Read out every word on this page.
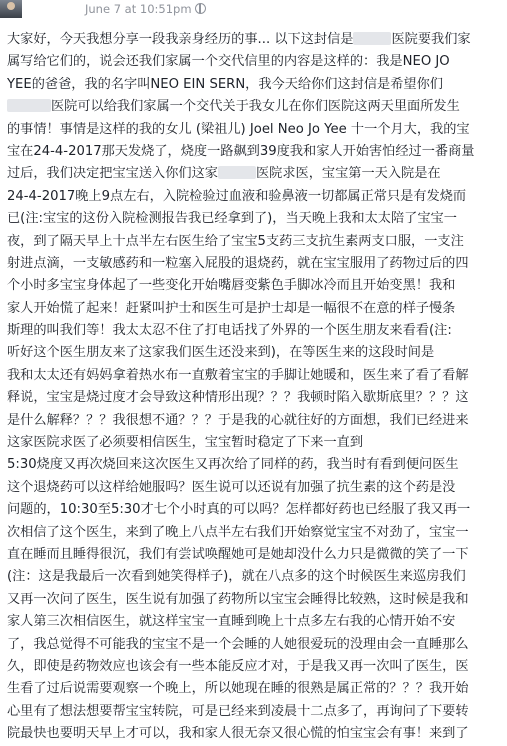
June 7 at 10:51pm
大家好，今天我想分享一段我亲身经历的事... 以下这封信是	医院要我们家
属写给它们的，说会还我们家属一个交代信里的内容是这样的：我是NEO JO
YEE的爸爸，我的名字叫NEO EIN SERN，我今天给你们这封信是希望你们
医院可以给我们家属一个交代关于我女儿在你们医院这两天里面所发生
的事情！事情是这样的我的女儿 (梁祖儿) Joel Neo Jo Yee 十一个月大，我的宝
宝在24-4-2017那天发烧了，烧度一路飙到39度我和家人开始害怕经过一番商量
过后，我们决定把宝宝送入你们这家	医院求医，宝宝第一天入院是在
24-4-2017晚上9点左右，入院检验过血液和验鼻液一切都属正常只是有发烧而
已(注:宝宝的这份入院检测报告我已经拿到了)，当天晚上我和太太陪了宝宝一
夜，到了隔天早上十点半左右医生给了宝宝5支药三支抗生素两支口服，一支注
射进点滴，一支敏感药和一粒塞入屁股的退烧药，就在宝宝服用了药物过后的四
个小时多宝宝身体起了一些变化开始嘴唇变紫色手脚冰冷而且开始变黑！我和
家人开始慌了起来！赶紧叫护士和医生可是护士却是一幅很不在意的样子慢条
斯理的叫我们等！我太太忍不住了打电话找了外界的一个医生朋友来看看(注:
听好这个医生朋友来了这家我们医生还没来到)，在等医生来的这段时间是
我和太太还有妈妈拿着热水布一直敷着宝宝的手脚让她暖和，医生来了看了看解
释说，宝宝是烧过度才会导致这种情形出现？？？我顿时陷入歇斯底里？？？这
是什么解释？？？我很想不通？？？于是我的心就往好的方面想，我们已经进来
这家医院求医了必须要相信医生，宝宝暂时稳定了下来一直到
5:30烧度又再次烧回来这次医生又再次给了同样的药，我当时有看到便问医生
这个退烧药可以这样给她服吗？医生说可以还说有加强了抗生素的这个药是没
问题的，10:30至5:30才七个小时真的可以吗？怎样都好药也已经服了我又再一
次相信了这个医生，来到了晚上八点半左右我们开始察觉宝宝不对劲了，宝宝一
直在睡而且睡得很沉，我们有尝试唤醒她可是她却没什么力只是微微的笑了一下
(注：这是我最后一次看到她笑得样子)，就在八点多的这个时候医生来巡房我们
又再一次问了医生，医生说有加强了药物所以宝宝会睡得比较熟，这时候是我和
家人第三次相信医生，就这样宝宝一直睡到晚上十点多左右我的心情开始不安
了，我总觉得不可能我的宝宝不是一个会睡的人她很爱玩的没理由会一直睡那么
久，即使是药物效应也该会有一些本能反应才对，于是我又再一次叫了医生，医
生看了过后说需要观察一个晚上，所以她现在睡的很熟是属正常的？？？我开始
心里有了想法想要帮宝宝转院，可是已经来到凌晨十二点多了，再询问了下要转
院最快也要明天早上才可以，我和家人很无奈又很心慌的怕宝宝会有事！来到了
